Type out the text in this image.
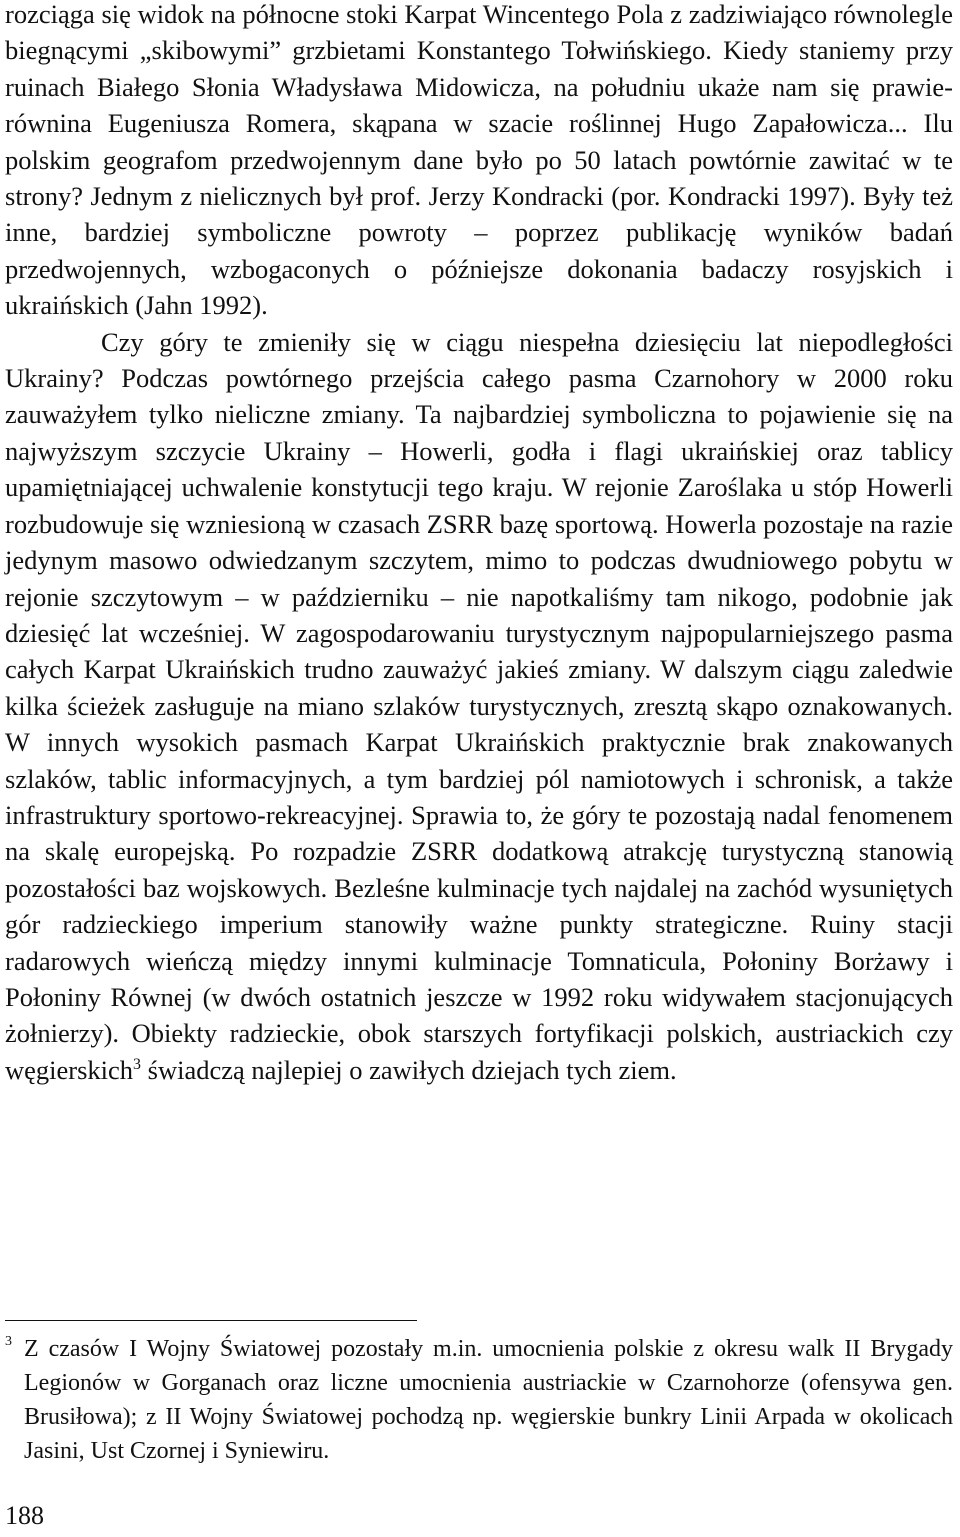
rozciąga się widok na północne stoki Karpat Wincentego Pola z zadziwiająco równolegle biegnącymi „skibowymi” grzbietami Konstantego Tołwińskiego. Kiedy staniemy przy ruinach Białego Słonia Władysława Midowicza, na południu ukaże nam się prawie-równina Eugeniusza Romera, skąpana w szacie roślinnej Hugo Zapałowicza... Ilu polskim geografom przedwojennym dane było po 50 latach powtórnie zawitać w te strony? Jednym z nielicznych był prof. Jerzy Kondracki (por. Kondracki 1997). Były też inne, bardziej symboliczne powroty – poprzez publikację wyników badań przedwojennych, wzbogaconych o późniejsze dokonania badaczy rosyjskich i ukraińskich (Jahn 1992).

Czy góry te zmieniły się w ciągu niespełna dziesięciu lat niepodległości Ukrainy? Podczas powtórnego przejścia całego pasma Czarnohory w 2000 roku zauważyłem tylko nieliczne zmiany. Ta najbardziej symboliczna to pojawienie się na najwyższym szczycie Ukrainy – Howerli, godła i flagi ukraińskiej oraz tablicy upamiętniającej uchwalenie konstytucji tego kraju. W rejonie Zaroślaka u stóp Howerli rozbudowuje się wzniesioną w czasach ZSRR bazę sportową. Howerla pozostaje na razie jedynym masowo odwiedzanym szczytem, mimo to podczas dwudniowego pobytu w rejonie szczytowym – w październiku – nie napotkaliśmy tam nikogo, podobnie jak dziesięć lat wcześniej. W zagospodarowaniu turystycznym najpopularniejszego pasma całych Karpat Ukraińskich trudno zauważyć jakieś zmiany. W dalszym ciągu zaledwie kilka ścieżek zasługuje na miano szlaków turystycznych, zresztą skąpo oznakowanych. W innych wysokich pasmach Karpat Ukraińskich praktycznie brak znakowanych szlaków, tablic informacyjnych, a tym bardziej pól namiotowych i schronisk, a także infrastruktury sportowo-rekreacyjnej. Sprawia to, że góry te pozostają nadal fenomenem na skalę europejską. Po rozpadzie ZSRR dodatkową atrakcję turystyczną stanowią pozostałości baz wojskowych. Bezleśne kulminacje tych najdalej na zachód wysuniętych gór radzieckiego imperium stanowiły ważne punkty strategiczne. Ruiny stacji radarowych wieńczą między innymi kulminacje Tomnaticula, Połoniny Borżawy i Połoniny Równej (w dwóch ostatnich jeszcze w 1992 roku widywałem stacjonujących żołnierzy). Obiekty radzieckie, obok starszych fortyfikacji polskich, austriackich czy węgierskich$^3$ świadczą najlepiej o zawiłych dziejach tych ziem.

3 Z czasów I Wojny Światowej pozostały m.in. umocnienia polskie z okresu walk II Brygady Legionów w Gorganach oraz liczne umocnienia austriackie w Czarnohorze (ofensywa gen. Brusiłowa); z II Wojny Światowej pochodzą np. węgierskie bunkry Linii Arpada w okolicach Jasini, Ust Czornej i Syniewiru.
188
